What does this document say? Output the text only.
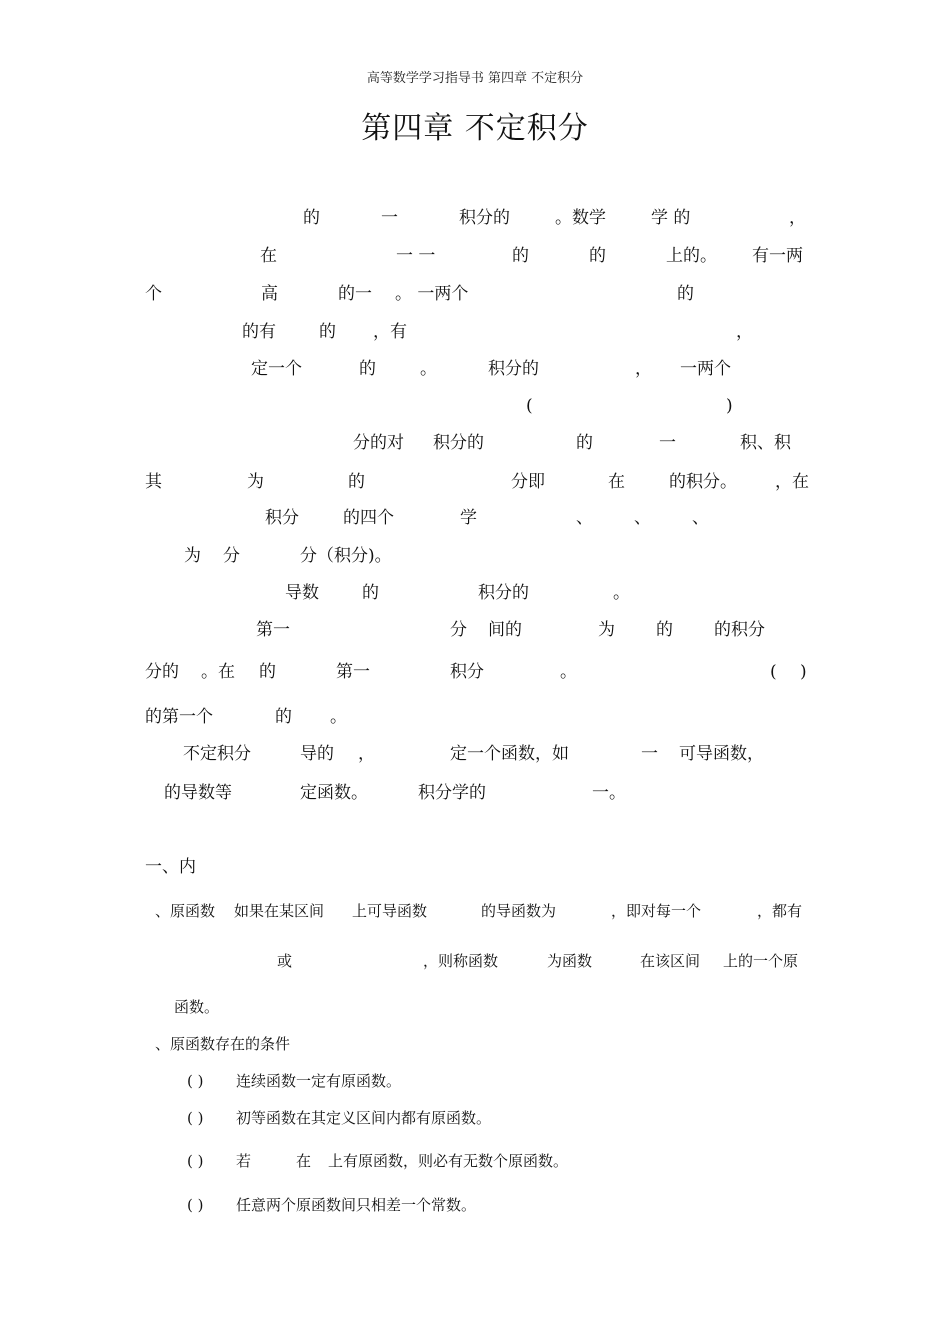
高等数学学习指导书 第四章 不定积分
第四章 不定积分
的	一	积分的	。数学	学 的	，
在	一 一	的	的	上的。 有一两
个	高	的一 。 一两个	的
的有	的 ，有	，
定一个	的	。	积分的	， 一两个
(	)
分的对 积分的	的	一	积、积
其	为	的	分即	在	的积分。 ，在
积分	的四个	学	、 、 、
为 分	分（积分)。
导数	的	积分的	。
第一	分 间的	为 的 的积分
分的 。在 的	第一	积分	。	( )
的第一个	的 。
不定积分	导的 ，	定一个函数，如	一 可导函数，
的导数等	定函数。	积分学的	一。
一、内
、原函数 如果在某区间 上可导函数	的导函数为	，即对每一个	，都有
或	，则称函数	为函数	在该区间 上的一个原
函数。
、原函数存在的条件
( ) 连续函数一定有原函数。
( ) 初等函数在其定义区间内都有原函数。
( ) 若	在 上有原函数，则必有无数个原函数。
( ) 任意两个原函数间只相差一个常数。
